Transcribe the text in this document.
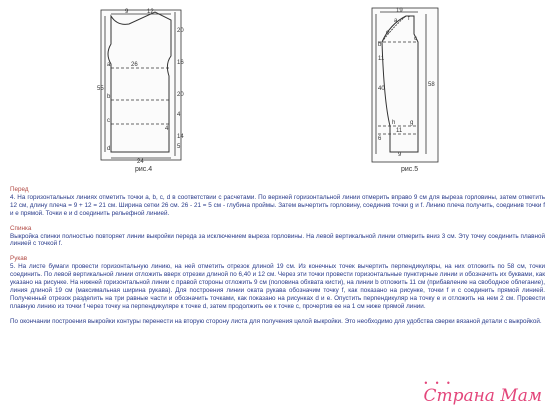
9	12
20
16
26
55
20
4
14
5
4
24
a
b
c
d
рис.4
19
40
58
6
11
9
11
a
b
c
e
f
g
h
рис.5

Перед

4. На горизонтальных линиях отметить точки a, b, c, d в соответствии с расчетами. По верхней горизонтальной линии отмерить вправо 9 см для выреза горловины, затем отметить 12 см, длину плеча = 9 + 12 = 21 см. Ширина сетки 26 см. 26 - 21 = 5 см - глубина проймы. Затем вычертить горловину, соединив точки g и f. Линию плеча получить, соединив точки f и е прямой. Точки е и d соединить рельефной линией.

Спинка

Выкройка спинки полностью повторяет линии выкройки переда за исключением выреза горловины. На левой вертикальной линии отмерить вниз 3 см. Эту точку соединить плавной линией с точкой f.

Рукав

5. На листе бумаги провести горизонтальную линию, на ней отметить отрезок длиной 19 см. Из конечных точек вычертить перпендикуляры, на них отложить по 58 см, точки соединить. По левой вертикальной линии отложить вверх отрезки длиной по 6,40 и 12 см. Через эти точки провести горизонтальные пунктирные линии и обозначить их буквами, как указано на рисунке. На нижней горизонтальной линии с правой стороны отложить 9 см (половина обхвата кисти), на линии b отложить 11 см (прибавление на свободное облегание), линия длиной 19 см (максимальная ширина рукава). Для построения линии оката рукава обозначим точку f, как показано на рисунке, точки f и с соединить прямой линией. Полученный отрезок разделить на три равные части и обозначить точками, как показано на рисунках d и е. Опустить перпендикуляр на точку е и отложить на нем 2 см. Провести плавную линию из точки f через точку на перпендикуляре к точке d, затем продолжить ее к точке с, прочертив ее на 1 см ниже прямой линии.

По окончании построения выкройки контуры перенести на вторую сторону листа для получения целой выкройки. Это необходимо для удобства сверки вязаной детали с выкройкой.

• • •
Страна Мам
